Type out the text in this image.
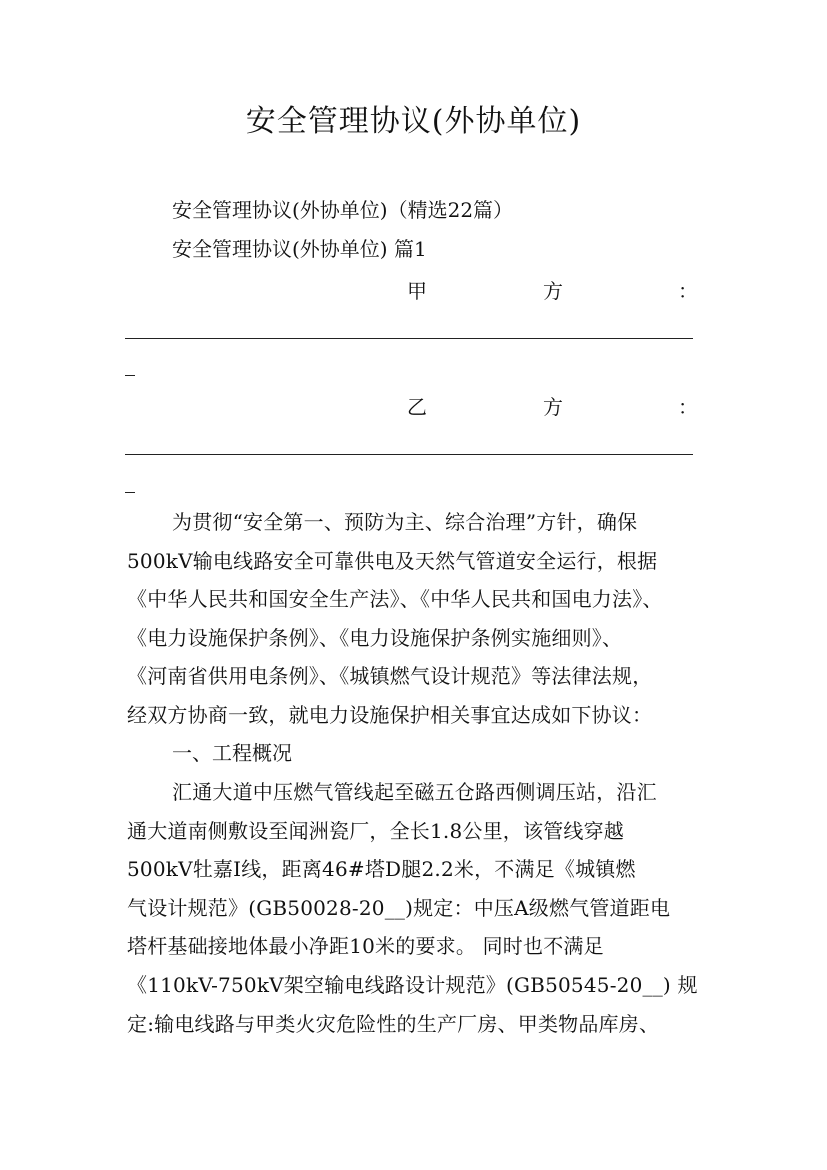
安全管理协议(外协单位)
安全管理协议(外协单位)（精选22篇）
安全管理协议(外协单位) 篇1
甲	方	：
乙	方	：
为贯彻“安全第一、预防为主、综合治理”方针，确保
500kV输电线路安全可靠供电及天然气管道安全运行，根据
《中华人民共和国安全生产法》、《中华人民共和国电力法》、
《电力设施保护条例》、《电力设施保护条例实施细则》、
《河南省供用电条例》、《城镇燃气设计规范》等法律法规，
经双方协商一致，就电力设施保护相关事宜达成如下协议：
一、工程概况
汇通大道中压燃气管线起至磁五仓路西侧调压站，沿汇
通大道南侧敷设至闻洲瓷厂，全长1.8公里，该管线穿越
500kV牡嘉Ⅰ线，距离46#塔D腿2.2米，不满足《城镇燃
气设计规范》(GB50028-20__)规定：中压A级燃气管道距电
塔杆基础接地体最小净距10米的要求。 同时也不满足
《110kV-750kV架空输电线路设计规范》(GB50545-20__) 规
定:输电线路与甲类火灾危险性的生产厂房、甲类物品库房、
